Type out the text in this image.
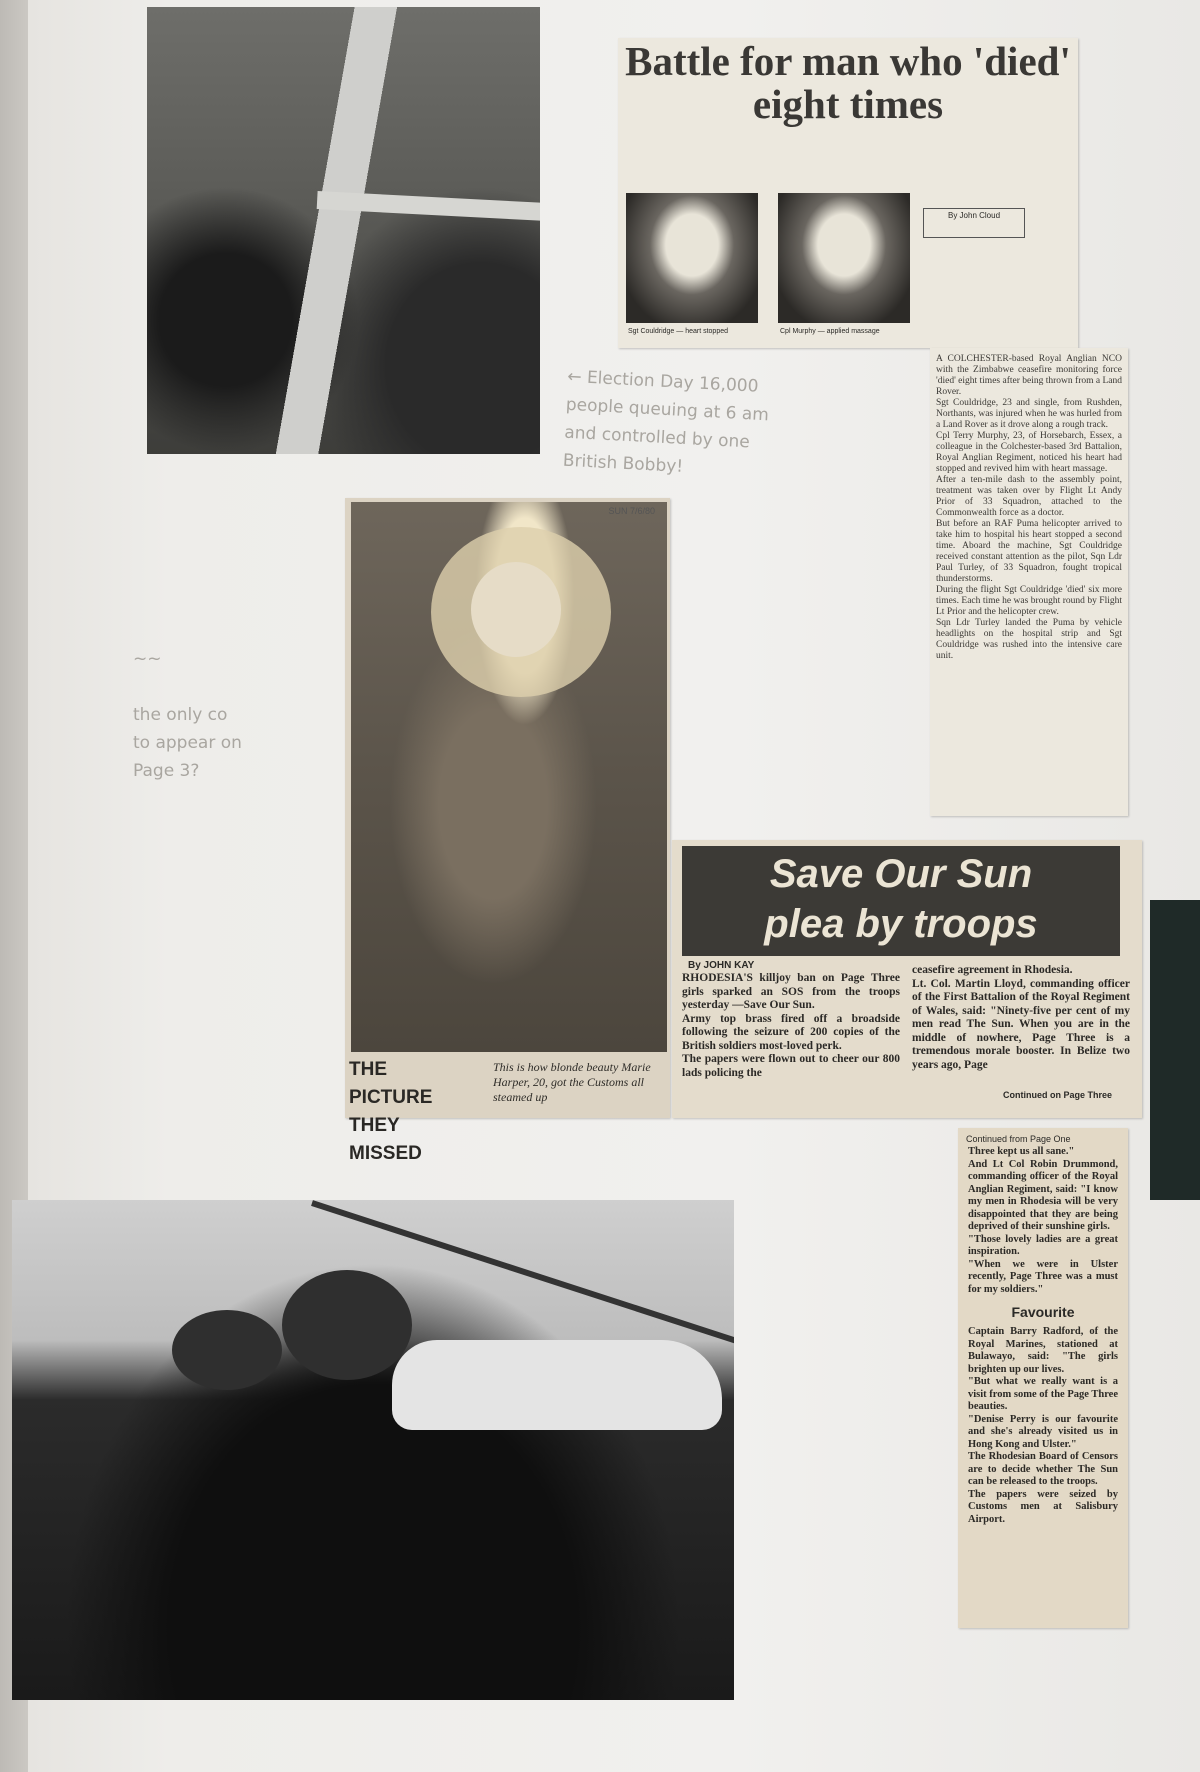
Battle for man who 'died' eight times
Sgt Couldridge — heart stopped	Cpl Murphy — applied massage
By John Cloud
A COLCHESTER-based Royal Anglian NCO with the Zimbabwe ceasefire monitoring force 'died' eight times after being thrown from a Land Rover.
Sgt Couldridge, 23 and single, from Rushden, Northants, was injured when he was hurled from a Land Rover as it drove along a rough track.
Cpl Terry Murphy, 23, of Horsebarch, Essex, a colleague in the Colchester-based 3rd Battalion, Royal Anglian Regiment, noticed his heart had stopped and revived him with heart massage.
After a ten-mile dash to the assembly point, treatment was taken over by Flight Lt Andy Prior of 33 Squadron, attached to the Commonwealth force as a doctor.
But before an RAF Puma helicopter arrived to take him to hospital his heart stopped a second time. Aboard the machine, Sgt Couldridge received constant attention as the pilot, Sqn Ldr Paul Turley, of 33 Squadron, fought tropical thunderstorms.
During the flight Sgt Couldridge 'died' six more times. Each time he was brought round by Flight Lt Prior and the helicopter crew.
Sqn Ldr Turley landed the Puma by vehicle headlights on the hospital strip and Sgt Couldridge was rushed into the intensive care unit.
← Election Day 16,000
people queuing at 6 am
and controlled by one
British Bobby!
~~

the only co
to appear on
Page 3?
SUN 7/6/80
THE PICTURE THEY MISSED
This is how blonde beauty Marie Harper, 20, got the Customs all steamed up
Save Our Sun
plea by troops
By JOHN KAY
RHODESIA'S killjoy ban on Page Three girls sparked an SOS from the troops yesterday —Save Our Sun.
Army top brass fired off a broadside following the seizure of 200 copies of the British soldiers most-loved perk.
The papers were flown out to cheer our 800 lads policing the
ceasefire agreement in Rhodesia.
Lt. Col. Martin Lloyd, commanding officer of the First Battalion of the Royal Regiment of Wales, said: "Ninety-five per cent of my men read The Sun. When you are in the middle of nowhere, Page Three is a tremendous morale booster. In Belize two years ago, Page
Continued on Page Three
Continued from Page One
Three kept us all sane."
And Lt Col Robin Drummond, commanding officer of the Royal Anglian Regiment, said: "I know my men in Rhodesia will be very disappointed that they are being deprived of their sunshine girls.
"Those lovely ladies are a great inspiration.
"When we were in Ulster recently, Page Three was a must for my soldiers."
Favourite
Captain Barry Radford, of the Royal Marines, stationed at Bulawayo, said: "The girls brighten up our lives.
"But what we really want is a visit from some of the Page Three beauties.
"Denise Perry is our favourite and she's already visited us in Hong Kong and Ulster."
The Rhodesian Board of Censors are to decide whether The Sun can be released to the troops.
The papers were seized by Customs men at Salisbury Airport.
